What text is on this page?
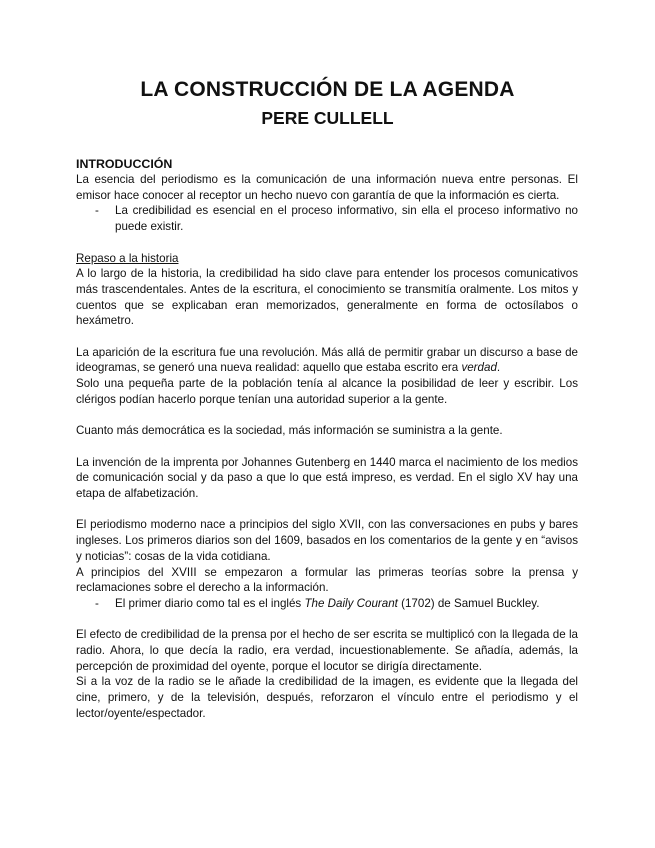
LA CONSTRUCCIÓN DE LA AGENDA
PERE CULLELL

INTRODUCCIÓN

La esencia del periodismo es la comunicación de una información nueva entre personas. El emisor hace conocer al receptor un hecho nuevo con garantía de que la información es cierta.

- La credibilidad es esencial en el proceso informativo, sin ella el proceso informativo no puede existir.

Repaso a la historia

A lo largo de la historia, la credibilidad ha sido clave para entender los procesos comunicativos más trascendentales. Antes de la escritura, el conocimiento se transmitía oralmente. Los mitos y cuentos que se explicaban eran memorizados, generalmente en forma de octosílabos o hexámetro.

La aparición de la escritura fue una revolución. Más allá de permitir grabar un discurso a base de ideogramas, se generó una nueva realidad: aquello que estaba escrito era verdad.

Solo una pequeña parte de la población tenía al alcance la posibilidad de leer y escribir. Los clérigos podían hacerlo porque tenían una autoridad superior a la gente.

Cuanto más democrática es la sociedad, más información se suministra a la gente.

La invención de la imprenta por Johannes Gutenberg en 1440 marca el nacimiento de los medios de comunicación social y da paso a que lo que está impreso, es verdad. En el siglo XV hay una etapa de alfabetización.

El periodismo moderno nace a principios del siglo XVII, con las conversaciones en pubs y bares ingleses. Los primeros diarios son del 1609, basados en los comentarios de la gente y en “avisos y noticias”: cosas de la vida cotidiana.

A principios del XVIII se empezaron a formular las primeras teorías sobre la prensa y reclamaciones sobre el derecho a la información.

- El primer diario como tal es el inglés The Daily Courant (1702) de Samuel Buckley.

El efecto de credibilidad de la prensa por el hecho de ser escrita se multiplicó con la llegada de la radio. Ahora, lo que decía la radio, era verdad, incuestionablemente. Se añadía, además, la percepción de proximidad del oyente, porque el locutor se dirigía directamente.

Si a la voz de la radio se le añade la credibilidad de la imagen, es evidente que la llegada del cine, primero, y de la televisión, después, reforzaron el vínculo entre el periodismo y el lector/oyente/espectador.
